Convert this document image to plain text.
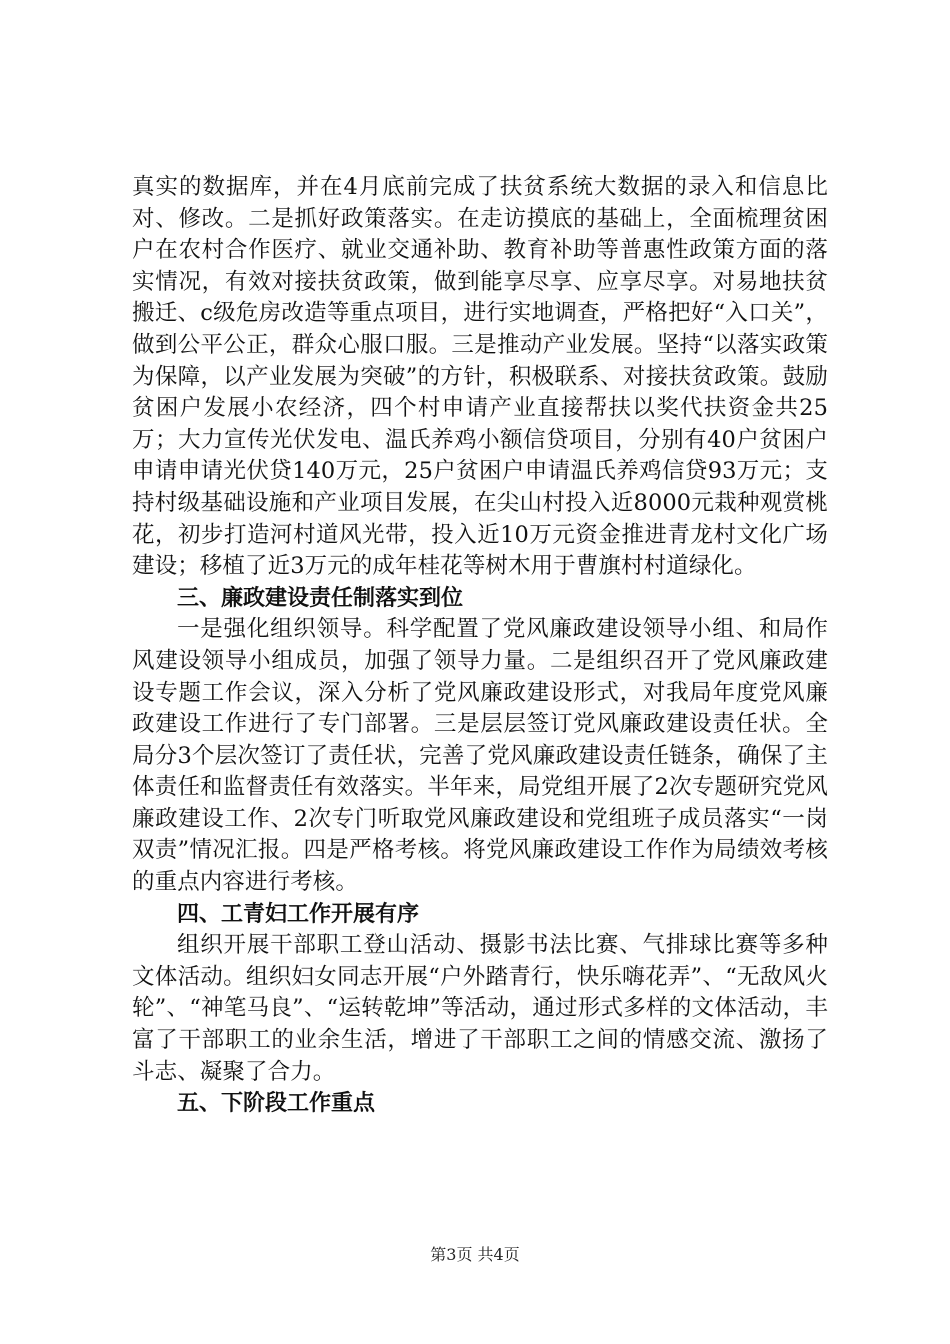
真实的数据库，并在4月底前完成了扶贫系统大数据的录入和信息比对、修改。二是抓好政策落实。在走访摸底的基础上，全面梳理贫困户在农村合作医疗、就业交通补助、教育补助等普惠性政策方面的落实情况，有效对接扶贫政策，做到能享尽享、应享尽享。对易地扶贫搬迁、c级危房改造等重点项目，进行实地调查，严格把好“入口关”，做到公平公正，群众心服口服。三是推动产业发展。坚持“以落实政策为保障，以产业发展为突破”的方针，积极联系、对接扶贫政策。鼓励贫困户发展小农经济，四个村申请产业直接帮扶以奖代扶资金共25万；大力宣传光伏发电、温氏养鸡小额信贷项目，分别有40户贫困户申请申请光伏贷140万元，25户贫困户申请温氏养鸡信贷93万元；支持村级基础设施和产业项目发展，在尖山村投入近8000元栽种观赏桃花，初步打造河村道风光带，投入近10万元资金推进青龙村文化广场建设；移植了近3万元的成年桂花等树木用于曹旗村村道绿化。

三、廉政建设责任制落实到位

一是强化组织领导。科学配置了党风廉政建设领导小组、和局作风建设领导小组成员，加强了领导力量。二是组织召开了党风廉政建设专题工作会议，深入分析了党风廉政建设形式，对我局年度党风廉政建设工作进行了专门部署。三是层层签订党风廉政建设责任状。全局分3个层次签订了责任状，完善了党风廉政建设责任链条，确保了主体责任和监督责任有效落实。半年来，局党组开展了2次专题研究党风廉政建设工作、2次专门听取党风廉政建设和党组班子成员落实“一岗双责”情况汇报。四是严格考核。将党风廉政建设工作作为局绩效考核的重点内容进行考核。

四、工青妇工作开展有序

组织开展干部职工登山活动、摄影书法比赛、气排球比赛等多种文体活动。组织妇女同志开展“户外踏青行，快乐嗨花弄”、“无敌风火轮”、“神笔马良”、“运转乾坤”等活动，通过形式多样的文体活动，丰富了干部职工的业余生活，增进了干部职工之间的情感交流、激扬了斗志、凝聚了合力。

五、下阶段工作重点

第3页 共4页
